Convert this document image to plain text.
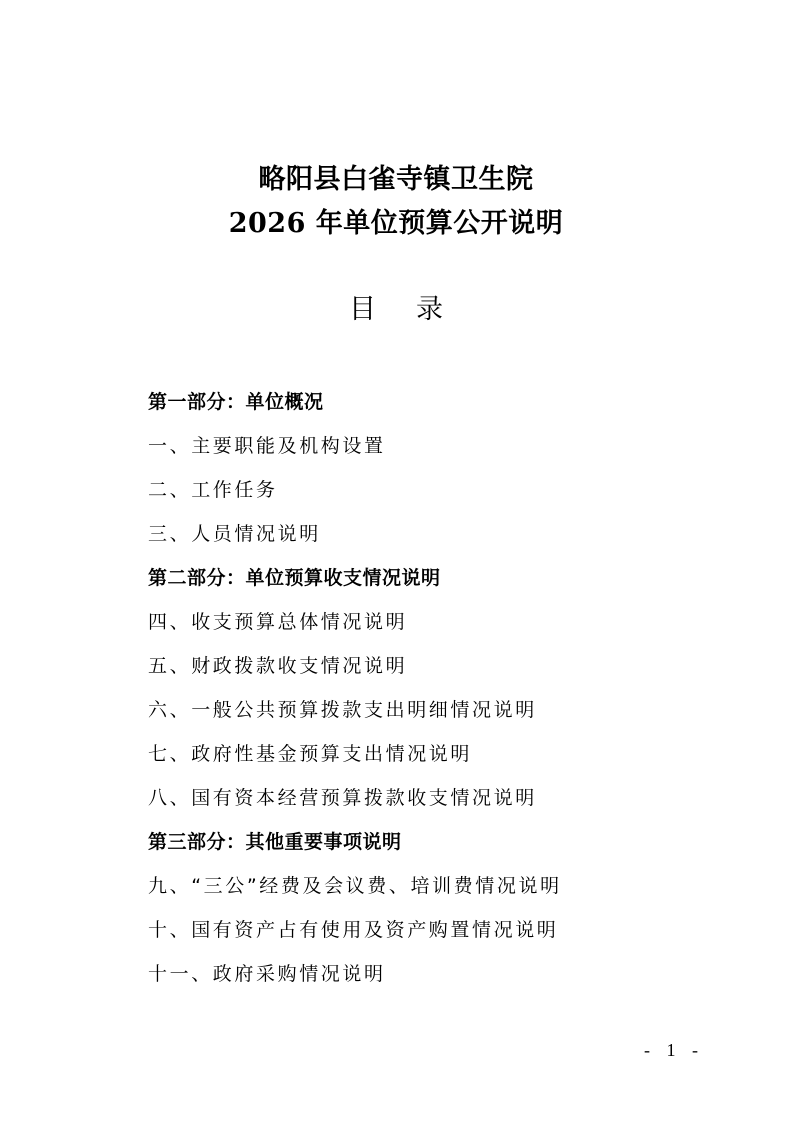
略阳县白雀寺镇卫生院

2026 年单位预算公开说明

目录
第一部分：单位概况
一、主要职能及机构设置
二、工作任务
三、人员情况说明
第二部分：单位预算收支情况说明
四、收支预算总体情况说明
五、财政拨款收支情况说明
六、一般公共预算拨款支出明细情况说明
七、政府性基金预算支出情况说明
八、国有资本经营预算拨款收支情况说明
第三部分：其他重要事项说明
九、“三公”经费及会议费、培训费情况说明
十、国有资产占有使用及资产购置情况说明
十一、政府采购情况说明
- 1 -
